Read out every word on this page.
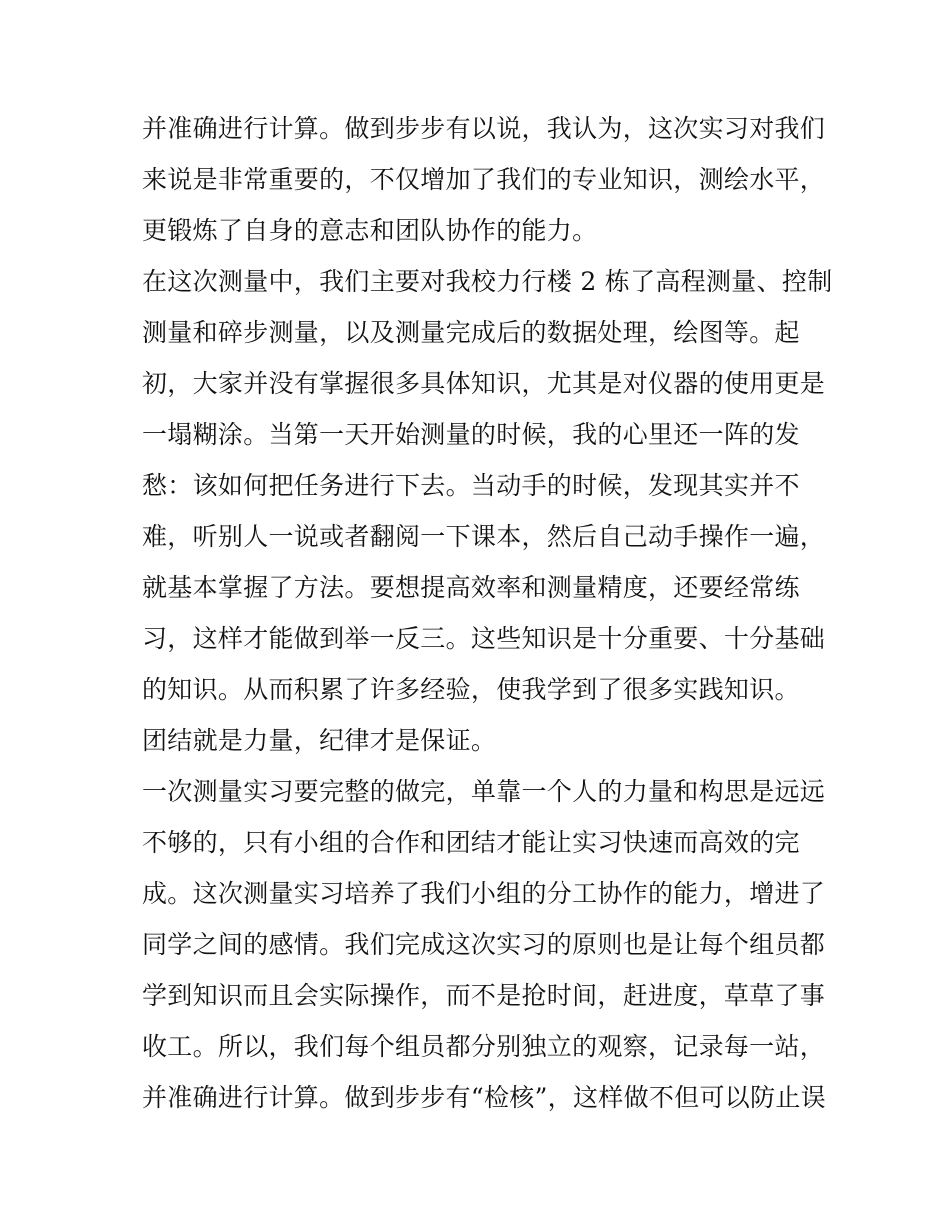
并准确进行计算。做到步步有以说，我认为，这次实习对我们
来说是非常重要的，不仅增加了我们的专业知识，测绘水平，
更锻炼了自身的意志和团队协作的能力。
在这次测量中，我们主要对我校力行楼 2 栋了高程测量、控制
测量和碎步测量，以及测量完成后的数据处理，绘图等。起
初，大家并没有掌握很多具体知识，尤其是对仪器的使用更是
一塌糊涂。当第一天开始测量的时候，我的心里还一阵的发
愁：该如何把任务进行下去。当动手的时候，发现其实并不
难，听别人一说或者翻阅一下课本，然后自己动手操作一遍，
就基本掌握了方法。要想提高效率和测量精度，还要经常练
习，这样才能做到举一反三。这些知识是十分重要、十分基础
的知识。从而积累了许多经验，使我学到了很多实践知识。
团结就是力量，纪律才是保证。
一次测量实习要完整的做完，单靠一个人的力量和构思是远远
不够的，只有小组的合作和团结才能让实习快速而高效的完
成。这次测量实习培养了我们小组的分工协作的能力，增进了
同学之间的感情。我们完成这次实习的原则也是让每个组员都
学到知识而且会实际操作，而不是抢时间，赶进度，草草了事
收工。所以，我们每个组员都分别独立的观察，记录每一站，
并准确进行计算。做到步步有“检核”，这样做不但可以防止误
